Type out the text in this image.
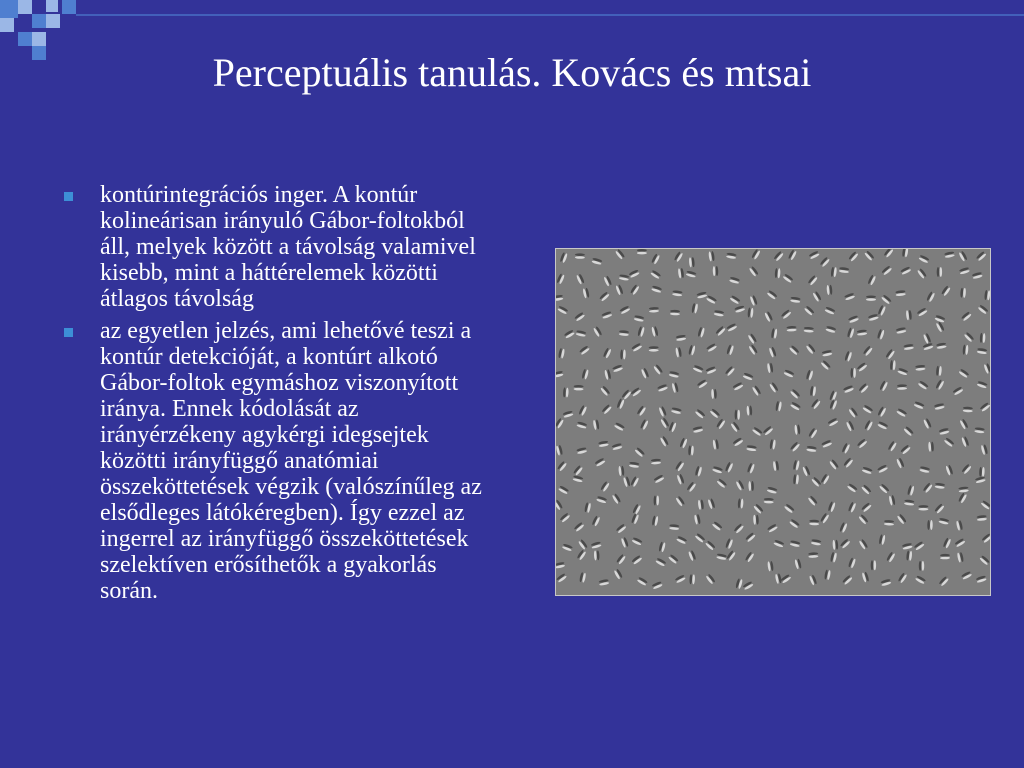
Perceptuális tanulás. Kovács és mtsai
kontúrintegrációs inger. A kontúr kolineárisan irányuló Gábor-foltokból áll, melyek között a távolság valamivel kisebb, mint a háttérelemek közötti átlagos távolság
az egyetlen jelzés, ami lehetővé teszi a kontúr detekcióját, a kontúrt alkotó Gábor-foltok egymáshoz viszonyított iránya. Ennek kódolását az irányérzékeny agykérgi idegsejtek közötti irányfüggő anatómiai összeköttetések végzik (valószínűleg az elsődleges látókéregben). Így ezzel az ingerrel az irányfüggő összeköttetések szelektíven erősíthetők a gyakorlás során.
